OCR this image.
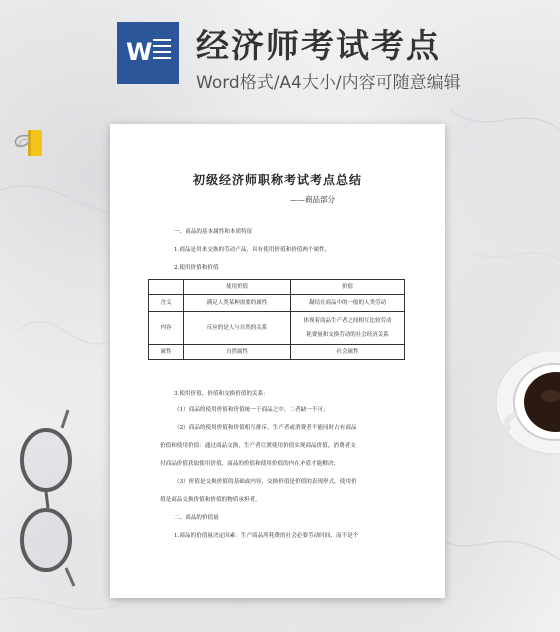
W 经济师考试考点
Word格式/A4大小/内容可随意编辑
初级经济师职称考试考点总结
——商品部分
一、商品的基本属性和本质特征
1.商品是用来交换的劳动产品，具有使用价值和价值两个属性。
2.使用价值和价值
	使用价值	价值
含义	满足人类某种需要的属性	凝结在商品中的一般的人类劳动
内容	反应的是人与自然的关系	体现着商品生产者之间相互比较劳动
耗费量和交换劳动的社会经济关系

属性	自然属性	社会属性
3.使用价值、价值和交换价值的关系：
（1）商品的使用价值和价值统一于商品之中，二者缺一不可；
（2）商品的使用价值和价值相互排斥。生产者或消费者不能同时占有商品
价值和使用价值：通过商品交换，生产者让渡使用价值实现商品价值，消费者支
付商品价值获取使用价值，商品的价值和使用价值的内在矛盾才能解决；
（3）价值是交换价值的基础或内容，交换价值是价值的表现形式，使用价
值是商品交换价值和价值的物质承担者。
二、商品的价值量
1.商品的价值量决定因素：生产商品所耗费的社会必要劳动时间，而不是个
